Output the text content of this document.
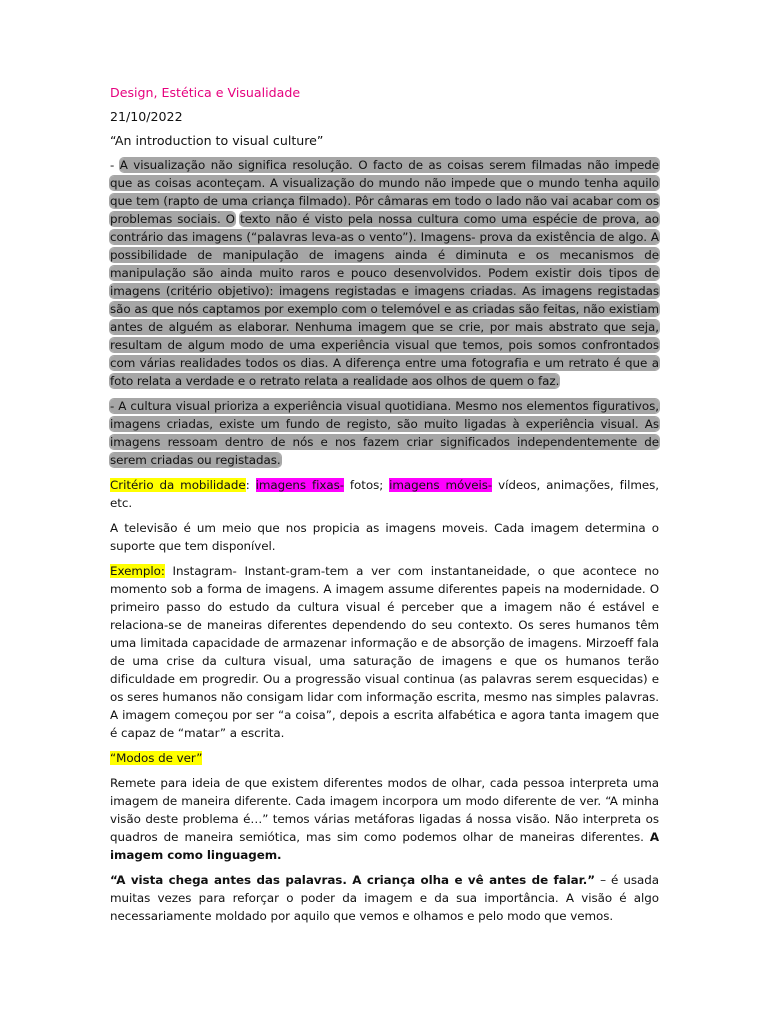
Design, Estética e Visualidade

21/10/2022

“An introduction to visual culture”

- A visualização não significa resolução. O facto de as coisas serem filmadas não impede que as coisas aconteçam. A visualização do mundo não impede que o mundo tenha aquilo que tem (rapto de uma criança filmado). Pôr câmaras em todo o lado não vai acabar com os problemas sociais. O texto não é visto pela nossa cultura como uma espécie de prova, ao contrário das imagens (“palavras leva-as o vento”). Imagens- prova da existência de algo. A possibilidade de manipulação de imagens ainda é diminuta e os mecanismos de manipulação são ainda muito raros e pouco desenvolvidos. Podem existir dois tipos de imagens (critério objetivo): imagens registadas e imagens criadas. As imagens registadas são as que nós captamos por exemplo com o telemóvel e as criadas são feitas, não existiam antes de alguém as elaborar. Nenhuma imagem que se crie, por mais abstrato que seja, resultam de algum modo de uma experiência visual que temos, pois somos confrontados com várias realidades todos os dias. A diferença entre uma fotografia e um retrato é que a foto relata a verdade e o retrato relata a realidade aos olhos de quem o faz.

- A cultura visual prioriza a experiência visual quotidiana. Mesmo nos elementos figurativos, imagens criadas, existe um fundo de registo, são muito ligadas à experiência visual. As imagens ressoam dentro de nós e nos fazem criar significados independentemente de serem criadas ou registadas.

Critério da mobilidade: imagens fixas- fotos; imagens móveis- vídeos, animações, filmes, etc.

A televisão é um meio que nos propicia as imagens moveis. Cada imagem determina o suporte que tem disponível.

Exemplo: Instagram- Instant-gram-tem a ver com instantaneidade, o que acontece no momento sob a forma de imagens. A imagem assume diferentes papeis na modernidade. O primeiro passo do estudo da cultura visual é perceber que a imagem não é estável e relaciona-se de maneiras diferentes dependendo do seu contexto. Os seres humanos têm uma limitada capacidade de armazenar informação e de absorção de imagens. Mirzoeff fala de uma crise da cultura visual, uma saturação de imagens e que os humanos terão dificuldade em progredir. Ou a progressão visual continua (as palavras serem esquecidas) e os seres humanos não consigam lidar com informação escrita, mesmo nas simples palavras. A imagem começou por ser “a coisa”, depois a escrita alfabética e agora tanta imagem que é capaz de “matar” a escrita.

“Modos de ver”

Remete para ideia de que existem diferentes modos de olhar, cada pessoa interpreta uma imagem de maneira diferente. Cada imagem incorpora um modo diferente de ver. “A minha visão deste problema é…” temos várias metáforas ligadas á nossa visão. Não interpreta os quadros de maneira semiótica, mas sim como podemos olhar de maneiras diferentes. A imagem como linguagem.

“A vista chega antes das palavras. A criança olha e vê antes de falar.” – é usada muitas vezes para reforçar o poder da imagem e da sua importância. A visão é algo necessariamente moldado por aquilo que vemos e olhamos e pelo modo que vemos.
